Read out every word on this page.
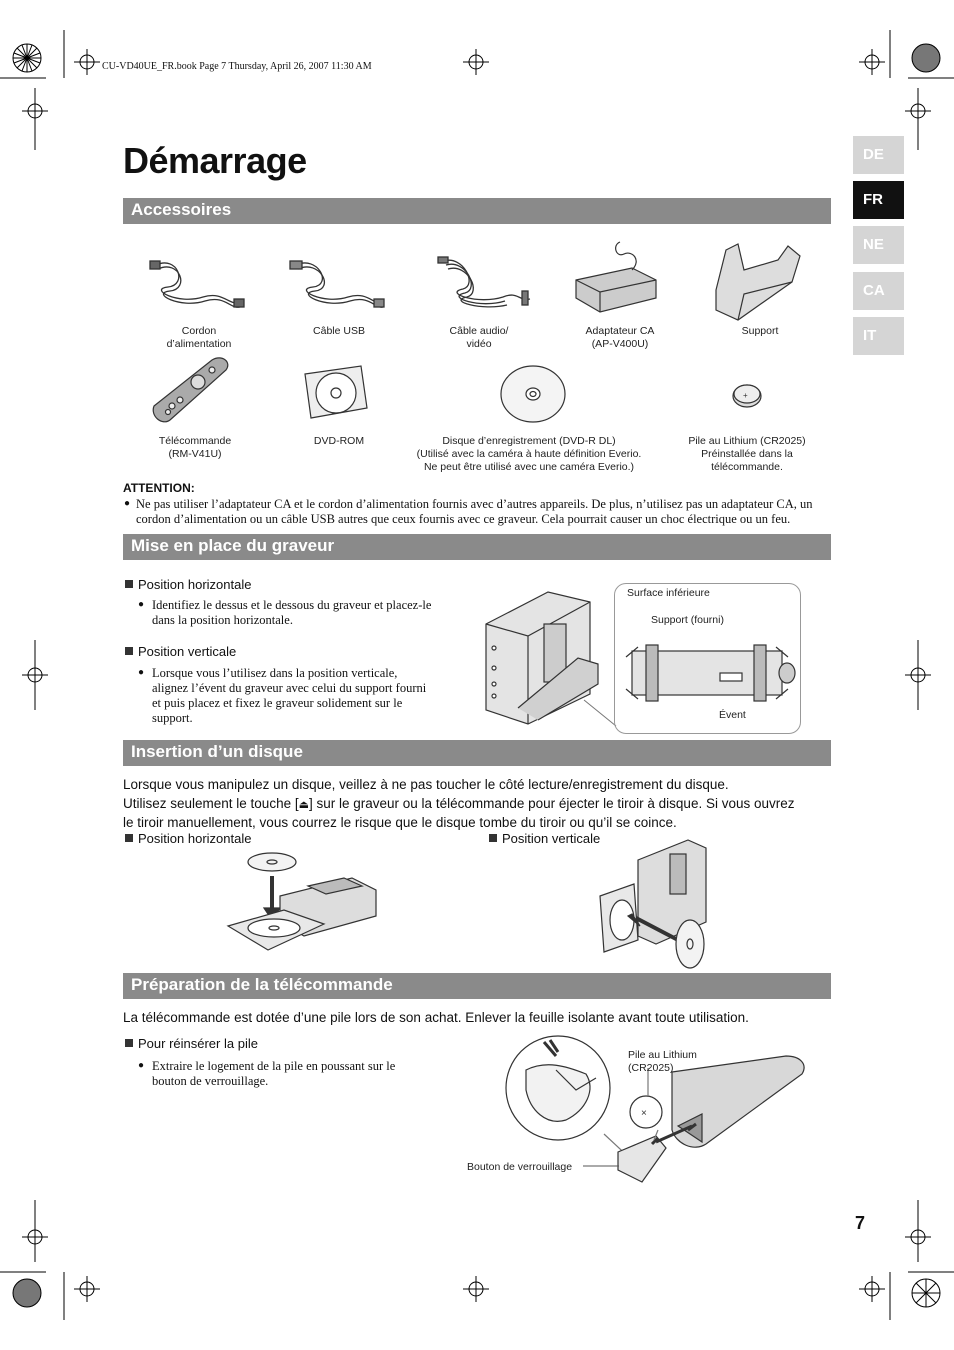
CU-VD40UE_FR.book Page 7 Thursday, April 26, 2007 11:30 AM
Démarrage	DE
FR
NE
CA
IT
Accessoires
Cordon
d’alimentation
Câble USB	Câble audio/
vidéo
Adaptateur CA
(AP-V400U)
Support
+
Télécommande
(RM-V41U)
DVD-ROM	Disque d’enregistrement (DVD-R DL)
(Utilisé avec la caméra à haute définition Everio.
Ne peut être utilisé avec une caméra Everio.)
Pile au Lithium (CR2025)
Préinstallée dans la
télécommande.
ATTENTION:
● Ne pas utiliser l’adaptateur CA et le cordon d’alimentation fournis avec d’autres appareils. De plus, n’utilisez pas un adaptateur CA, un
cordon d’alimentation ou un câble USB autres que ceux fournis avec ce graveur. Cela pourrait causer un choc électrique ou un feu.
Mise en place du graveur
Position horizontale
● Identifiez le dessus et le dessous du graveur et placez-le
dans la position horizontale.
Position verticale
● Lorsque vous l’utilisez dans la position verticale,
alignez l’évent du graveur avec celui du support fourni
et puis placez et fixez le graveur solidement sur le
support.
Surface inférieure
Support (fourni)
Évent
Insertion d’un disque
Lorsque vous manipulez un disque, veillez à ne pas toucher le côté lecture/enregistrement du disque.
Utilisez seulement le touche [⏏] sur le graveur ou la télécommande pour éjecter le tiroir à disque. Si vous ouvrez
le tiroir manuellement, vous courrez le risque que le disque tombe du tiroir ou qu’il se coince.
Position horizontale	Position verticale
Préparation de la télécommande
La télécommande est dotée d’une pile lors de son achat. Enlever la feuille isolante avant toute utilisation.
Pour réinsérer la pile
● Extraire le logement de la pile en poussant sur le
bouton de verrouillage.
×
Pile au Lithium
(CR2025)
Bouton de verrouillage
7
